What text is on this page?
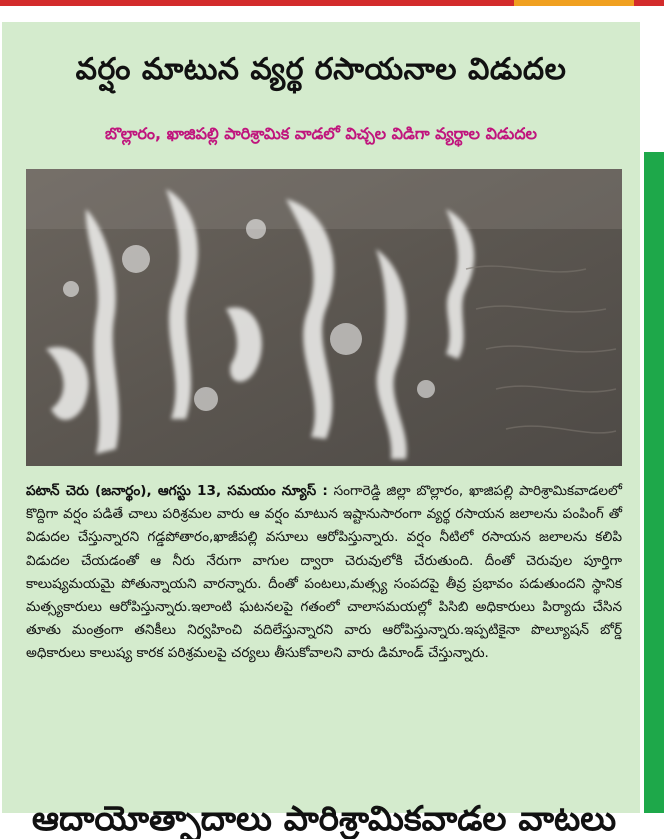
వర్షం మాటున వ్యర్థ రసాయనాల విడుదల
బొల్లారం, ఖాజిపల్లి పారిశ్రామిక వాడలో విచ్చల విడిగా వ్యర్థాల విడుదల
పటాన్ చెరు (జనార్థం), ఆగస్టు 13, సమయం న్యూస్ : సంగారెడ్డి జిల్లా బొల్లారం, ఖాజిపల్లి పారిశ్రామికవాడలలో కొద్దిగా వర్షం పడితే చాలు పరిశ్రమల వారు ఆ వర్షం మాటున ఇష్టానుసారంగా వ్యర్థ రసాయన జలాలను పంపింగ్ తో విడుదల చేస్తున్నారని గడ్డపోతారం,ఖాజీపల్లి వసూలు ఆరోపిస్తున్నారు. వర్షం నీటిలో రసాయన జలాలను కలిపి విడుదల చేయడంతో ఆ నీరు నేరుగా వాగుల ద్వారా చెరువులోకి చేరుతుంది. దీంతో చెరువుల పూర్తిగా కాలుష్యమయమై పోతున్నాయని వారన్నారు. దీంతో పంటలు,మత్స్య సంపదపై తీవ్ర ప్రభావం పడుతుందని స్థానిక మత్స్యకారులు ఆరోపిస్తున్నారు.ఇలాంటి ఘటనలపై గతంలో చాలాసమయల్లో పిసిబి అధికారులు పిర్యాదు చేసిన తూతు మంత్రంగా తనికీలు నిర్వహించి వదిలేస్తున్నారని వారు ఆరోపిస్తున్నారు.ఇప్పటికైనా పొల్యూషన్ బోర్డ్ అధికారులు కాలుష్య కారక పరిశ్రమలపై చర్యలు తీసుకోవాలని వారు డిమాండ్ చేస్తున్నారు.
ఆదాయోత్పాదాలు పారిశ్రామికవాడల వాటలు
